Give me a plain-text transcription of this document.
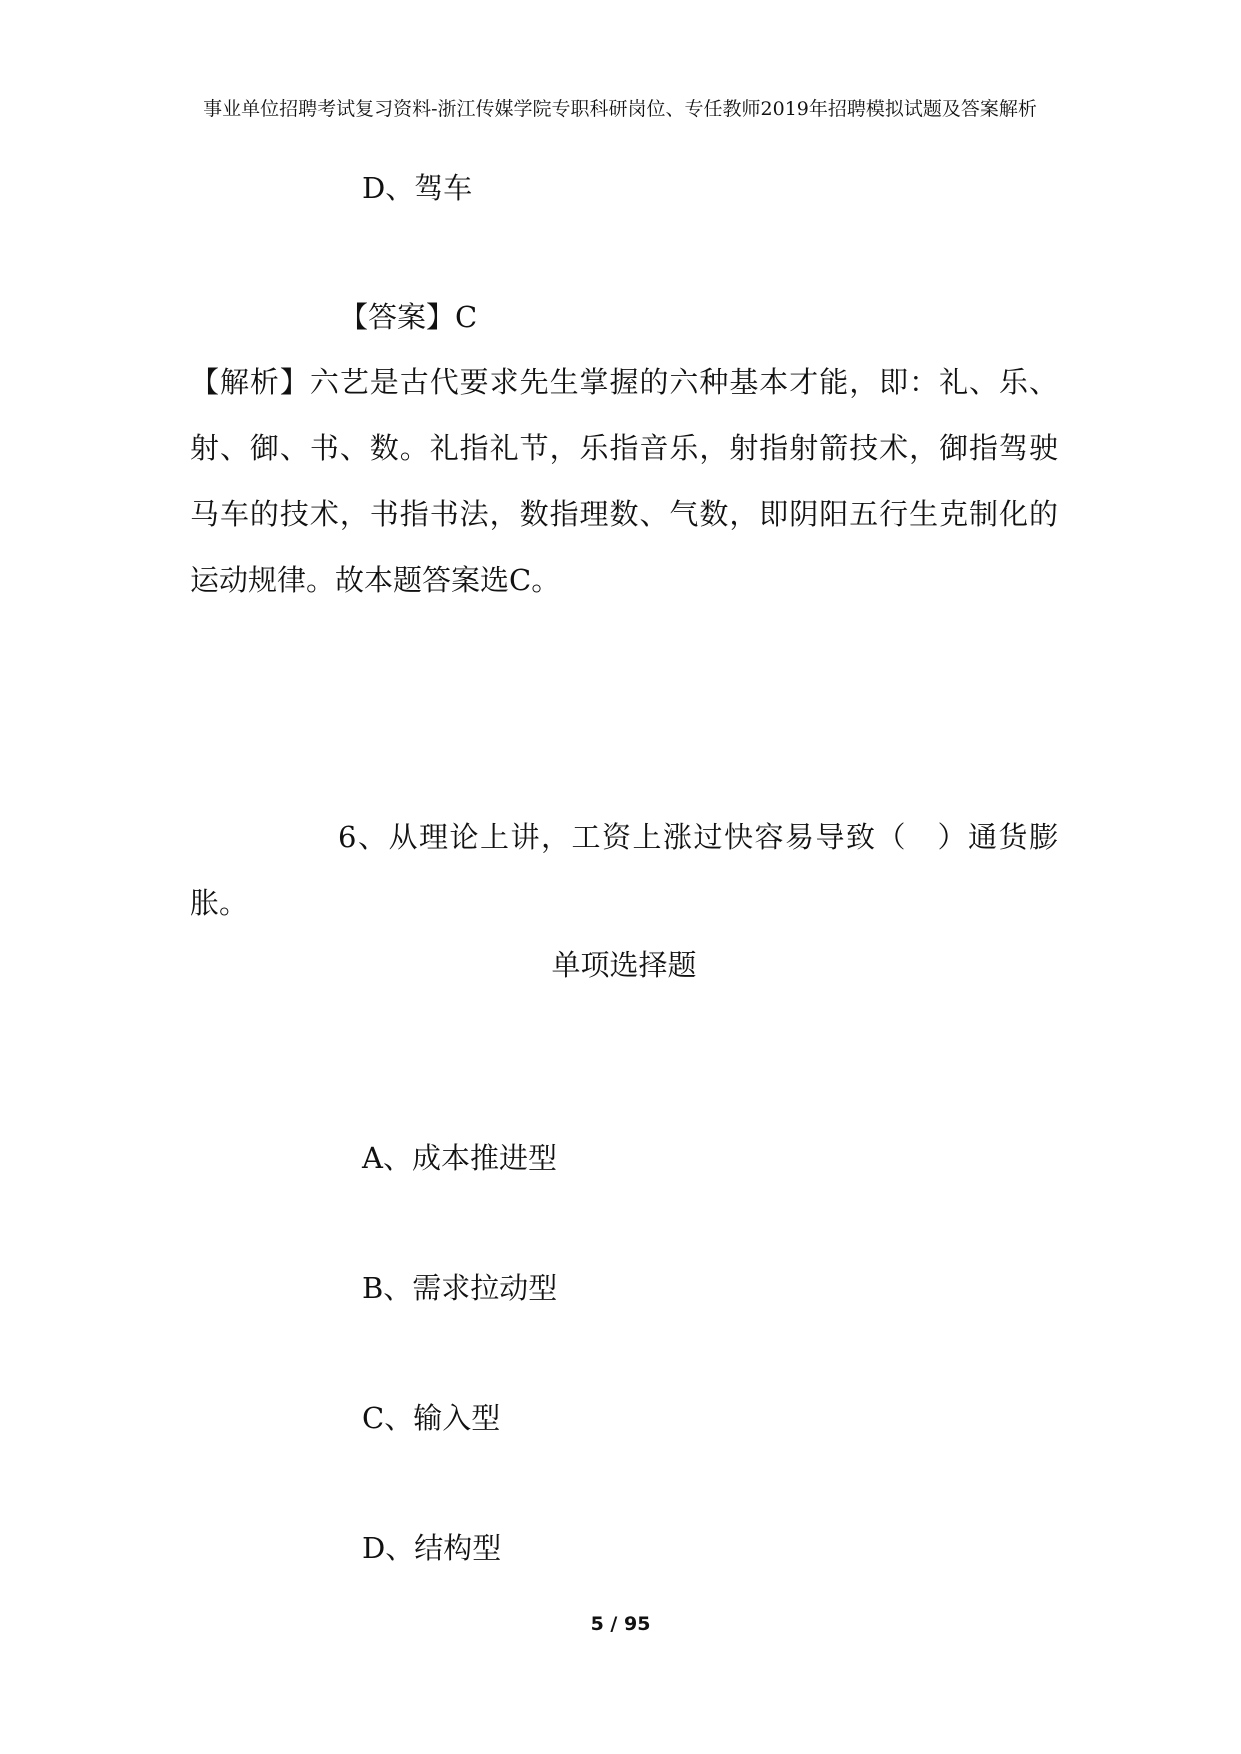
事业单位招聘考试复习资料-浙江传媒学院专职科研岗位、专任教师2019年招聘模拟试题及答案解析
D、驾车
【答案】C
【解析】六艺是古代要求先生掌握的六种基本才能，即：礼、乐、射、御、书、数。礼指礼节，乐指音乐，射指射箭技术，御指驾驶马车的技术，书指书法，数指理数、气数，即阴阳五行生克制化的运动规律。故本题答案选C。
6、从理论上讲，工资上涨过快容易导致（　）通货膨胀。
单项选择题
A、成本推进型
B、需求拉动型
C、输入型
D、结构型
5 / 95
